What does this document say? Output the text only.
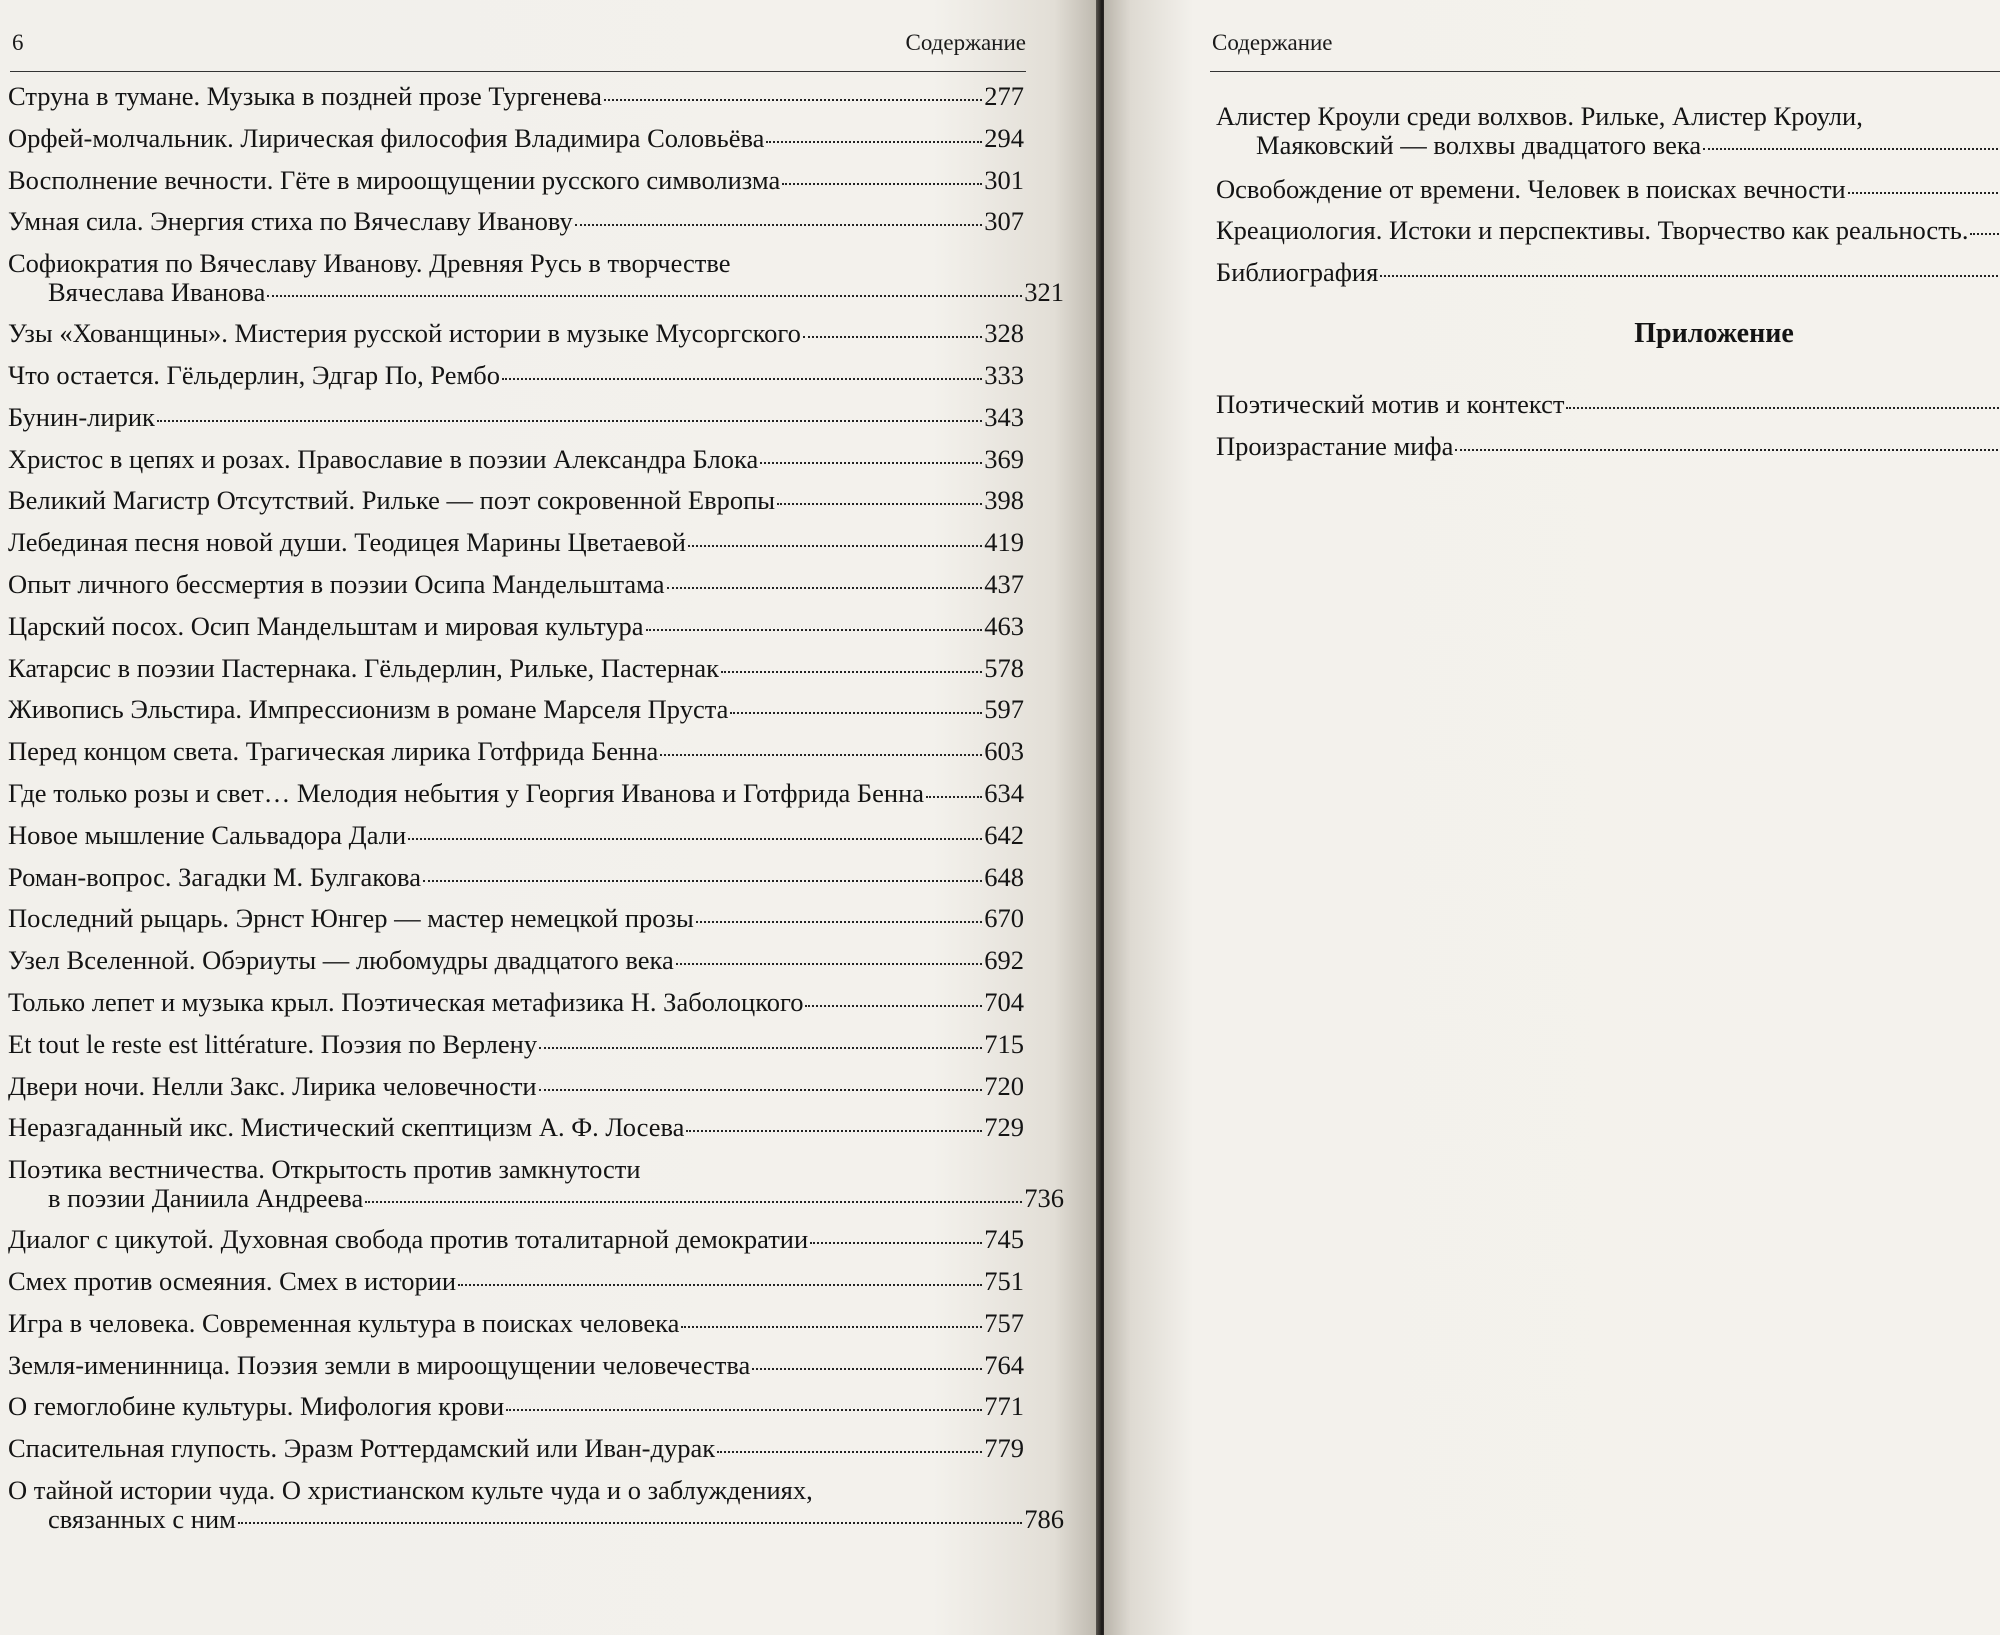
6	Содержание
Струна в тумане. Музыка в поздней прозе Тургенева	277
Орфей-молчальник. Лирическая философия Владимира Соловьёва	294
Восполнение вечности. Гёте в мироощущении русского символизма	301
Умная сила. Энергия стиха по Вячеславу Иванову	307
Софиократия по Вячеславу Иванову. Древняя Русь в творчестве
Вячеслава Иванова	321
Узы «Хованщины». Мистерия русской истории в музыке Мусоргского	328
Что остается. Гёльдерлин, Эдгар По, Рембо	333
Бунин-лирик	343
Христос в цепях и розах. Православие в поэзии Александра Блока	369
Великий Магистр Отсутствий. Рильке — поэт сокровенной Европы	398
Лебединая песня новой души. Теодицея Марины Цветаевой	419
Опыт личного бессмертия в поэзии Осипа Мандельштама	437
Царский посох. Осип Мандельштам и мировая культура	463
Катарсис в поэзии Пастернака. Гёльдерлин, Рильке, Пастернак	578
Живопись Эльстира. Импрессионизм в романе Марселя Пруста	597
Перед концом света. Трагическая лирика Готфрида Бенна	603
Где только розы и свет… Мелодия небытия у Георгия Иванова и Готфрида Бенна 634
Новое мышление Сальвадора Дали	642
Роман-вопрос. Загадки М. Булгакова	648
Последний рыцарь. Эрнст Юнгер — мастер немецкой прозы	670
Узел Вселенной. Обэриуты — любомудры двадцатого века	692
Только лепет и музыка крыл. Поэтическая метафизика Н. Заболоцкого	704
Et tout le reste est littérature. Поэзия по Верлену	715
Двери ночи. Нелли Закс. Лирика человечности	720
Неразгаданный икс. Мистический скептицизм А. Ф. Лосева	729
Поэтика вестничества. Открытость против замкнутости
в поэзии Даниила Андреева	736
Диалог с цикутой. Духовная свобода против тоталитарной демократии	745
Смех против осмеяния. Смех в истории	751
Игра в человека. Современная культура в поисках человека	757
Земля-именинница. Поэзия земли в мироощущении человечества	764
О гемоглобине культуры. Мифология крови	771
Спасительная глупость. Эразм Роттердамский или Иван-дурак	779
О тайной истории чуда. О христианском культе чуда и о заблуждениях,
связанных с ним	786
Содержание
Алистер Кроули среди волхвов. Рильке, Алистер Кроули,
Маяковский — волхвы двадцатого века
Освобождение от времени. Человек в поисках вечности
Креациология. Истоки и перспективы. Творчество как реальность.
Библиография
Поэтический мотив и контекст
Произрастание мифа
Приложение
